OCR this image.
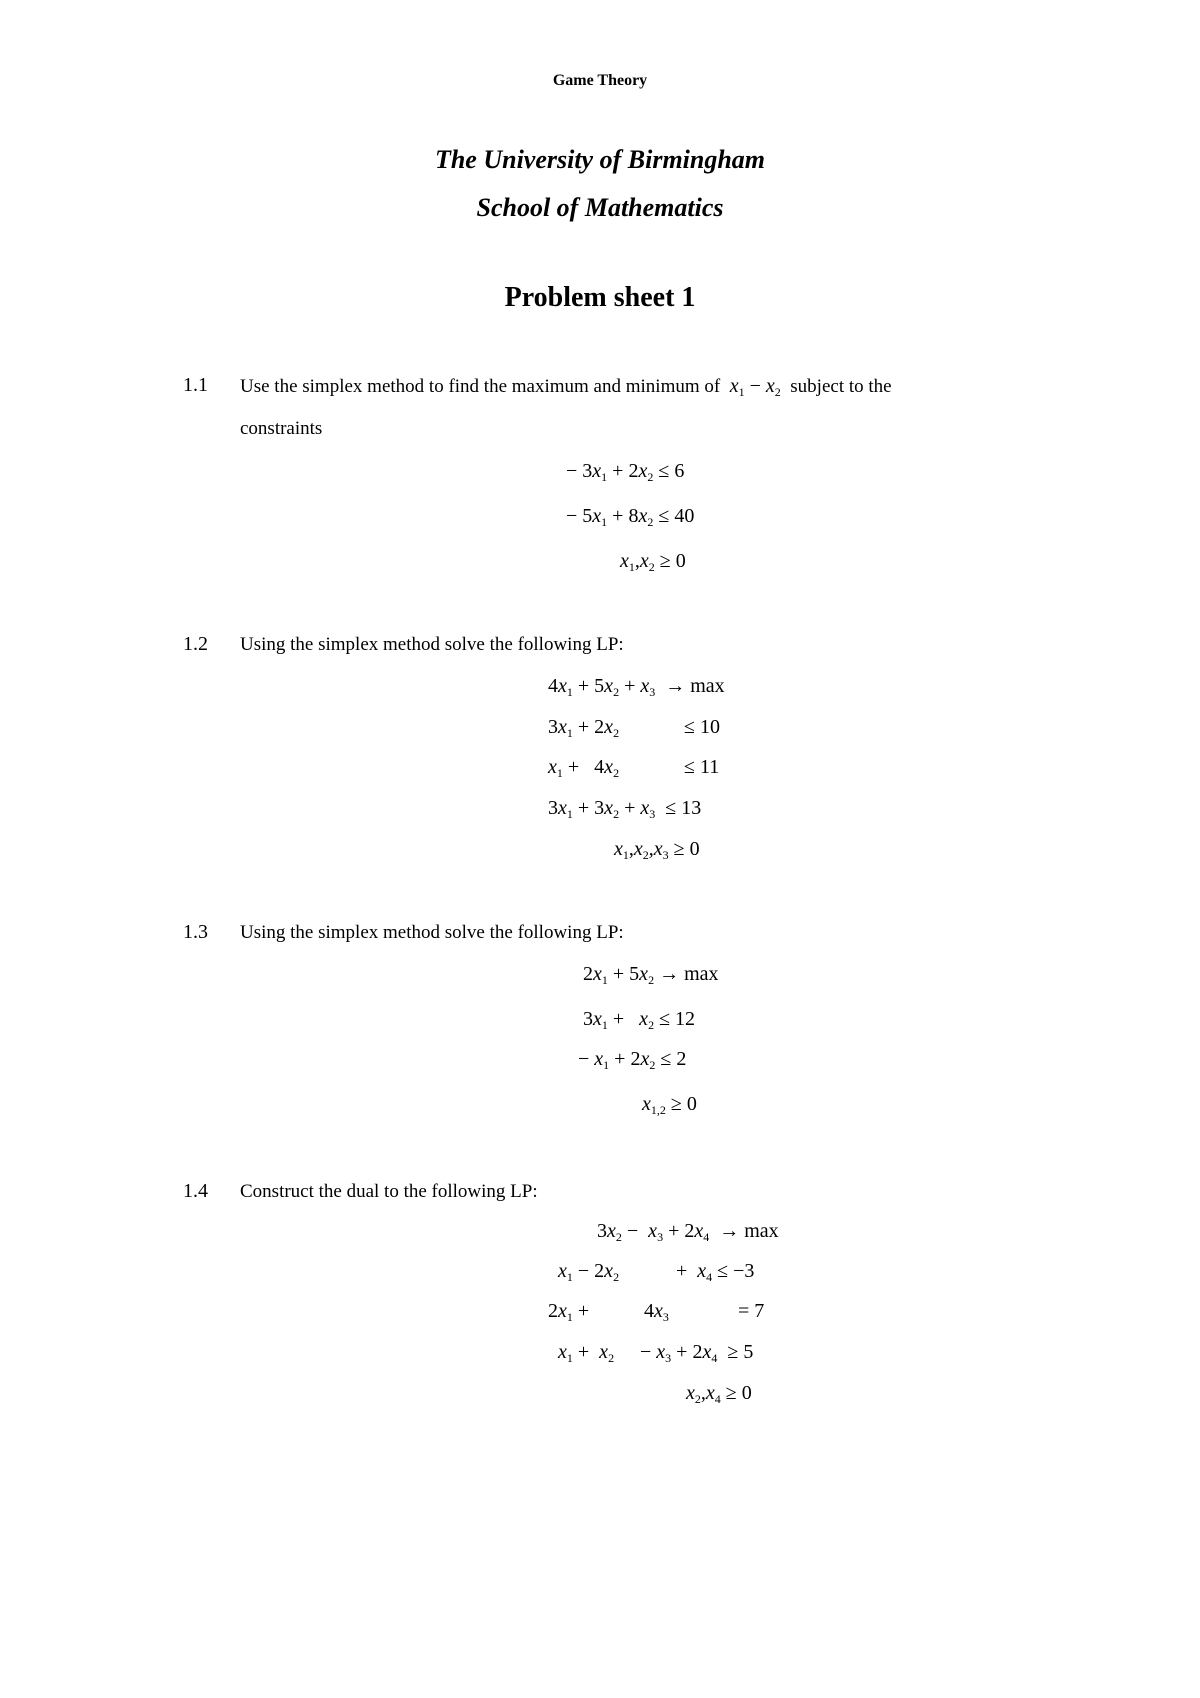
Game Theory
The University of Birmingham
School of Mathematics
Problem sheet 1
1.1 Use the simplex method to find the maximum and minimum of $x_1 - x_2$ subject to the
constraints
− $3x_1 + 2x_2 \le 6$
− $5x_1 + 8x_2 \le 40$
$x_1,x_2 \ge 0$
1.2 Using the simplex method solve the following LP:
$4x_1 + 5x_2 + x_3 \to \max$
$3x_1 + 2x_2$	≤ 10
$x_1 + 4x_2$	≤ 11
$3x_1 + 3x_2 + x_3 \le 13$
$x_1,x_2,x_3 \ge 0$
1.3 Using the simplex method solve the following LP:
$2x_1 + 5x_2 \to \max$
$3x_1 + x_2 \le 12$
− $x_1 + 2x_2 \le 2$
$x_{1,2} \ge 0$
1.4 Construct the dual to the following LP:
$3x_2 - x_3 + 2x_4 \to \max$
$x_1 - 2x_2$	+  $x_4 \le -3$
$2x_1$ +	$4x_3$	= 7
$x_1 + x_2 - x_3 + 2x_4 \ge 5$
$x_2,x_4 \ge 0$
